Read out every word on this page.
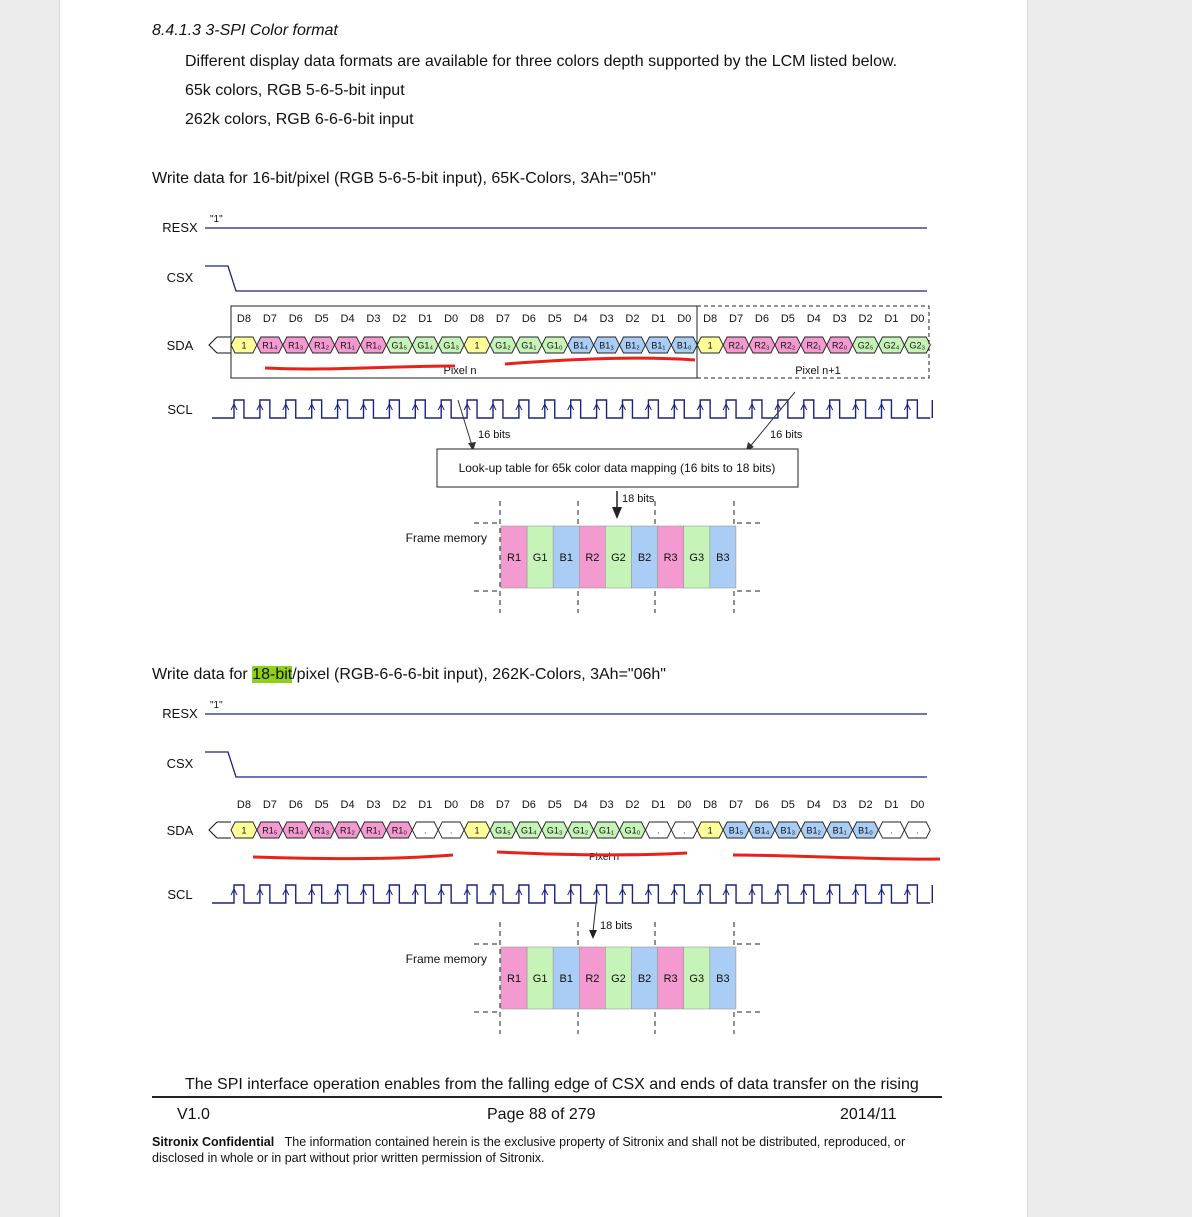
8.4.1.3 3-SPI Color format
Different display data formats are available for three colors depth supported by the LCM listed below.
65k colors, RGB 5-6-5-bit input
262k colors, RGB 6-6-6-bit input
Write data for 16-bit/pixel (RGB 5-6-5-bit input), 65K-Colors, 3Ah="05h"
Write data for 18-bit/pixel (RGB-6-6-6-bit input), 262K-Colors, 3Ah="06h"
The SPI interface operation enables from the falling edge of CSX and ends of data transfer on the rising
V1.0	Page 88 of 279	2014/11
Sitronix Confidential The information contained herein is the exclusive property of Sitronix and shall not be distributed, reproduced, or disclosed in whole or in part without prior written permission of Sitronix.
RESX
CSX
SDA
SCL
"1"
D8 D7 D6 D5 D4 D3 D2 D1 D0 D8 D7 D6 D5 D4 D3 D2 D1 D0 D8 D7 D6 D5 D4 D3 D2 D1 D0
1 R1₄ R1₃ R1₂ R1₁ R1₀ G1₅ G1₄ G1₃ 1 G1₂ G1₁ G1₀ B1₄ B1₃ B1₂ B1₁ B1₀ 1 R2₄ R2₃ R2₂ R2₁ R2₀ G2₅ G2₄ G2₃
Pixel n	Pixel n+1
16 bits	16 bits
Look-up table for 65k color data mapping (16 bits to 18 bits)
18 bits
R1 G1 B1 R2 G2 B2 R3 G3 B3
Frame memory
RESX
CSX
SDA
SCL
"1"
D8 D7 D6 D5 D4 D3 D2 D1 D0 D8 D7 D6 D5 D4 D3 D2 D1 D0 D8 D7 D6 D5 D4 D3 D2 D1 D0
1 R1₅ R1₄ R1₃ R1₂ R1₁ R1₀ .	. 1 G1₅ G1₄ G1₃ G1₂ G1₁ G1₀ .	. 1 B1₅ B1₄ B1₃ B1₂ B1₁ B1₀ .	.
Pixel n
18 bits
R1 G1 B1 R2 G2 B2 R3 G3 B3
Frame memory
